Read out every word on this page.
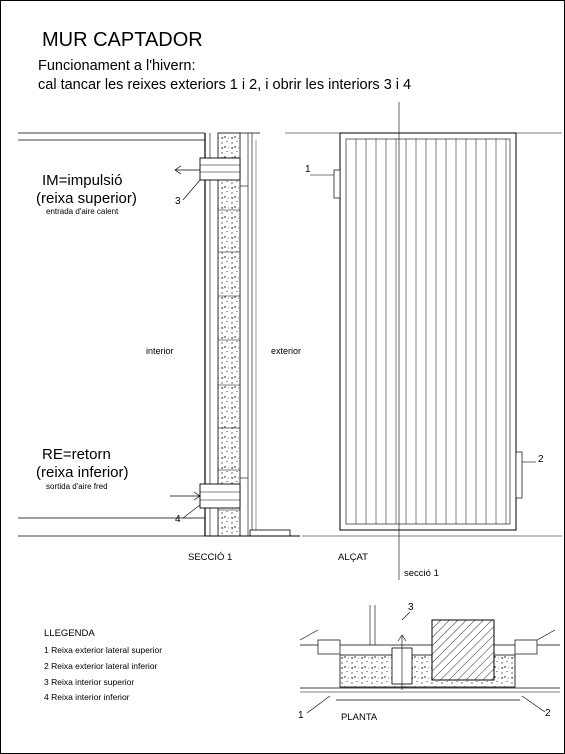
MUR CAPTADOR
Funcionament a l'hivern:
cal tancar les reixes exteriors 1 i 2, i obrir les interiors 3 i 4
IM=impulsió
(reixa superior)
entrada d'aire calent
interior	exterior
RE=retorn
(reixa inferior)
sortida d'aire fred
3
4
SECCIÓ 1
1
2
ALÇAT
secció 1
LLEGENDA
1 Reixa exterior lateral superior
2 Reixa exterior lateral inferior
3 Reixa interior superior
4 Reixa interior inferior
3
1	2
PLANTA
